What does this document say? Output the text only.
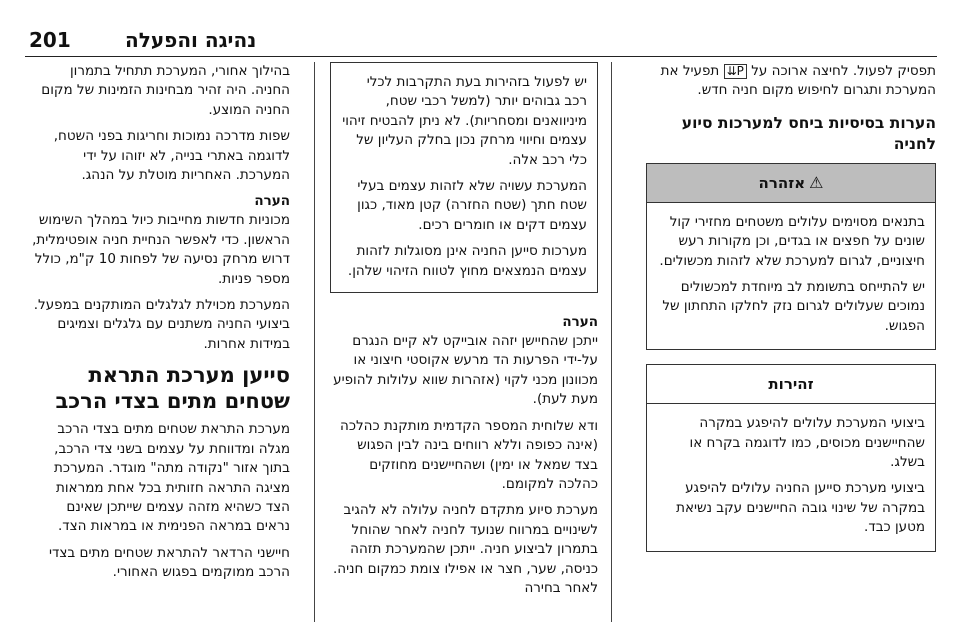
201	נהיגה והפעלה

תפסיק לפעול. לחיצה ארוכה על P⇊ תפעיל את המערכת ותגרום לחיפוש מקום חניה חדש.

הערות בסיסיות ביחס למערכות סיוע לחניה
⚠
אזהרה

בתנאים מסוימים עלולים משטחים מחזירי קול שונים על חפצים או בגדים, וכן מקורות רעש חיצוניים, לגרום למערכת שלא לזהות מכשולים.

יש להתייחס בתשומת לב מיוחדת למכשולים נמוכים שעלולים לגרום נזק לחלקו התחתון של הפגוש.

זהירות

ביצועי המערכת עלולים להיפגע במקרה שהחיישנים מכוסים, כמו לדוגמה בקרח או בשלג.

ביצועי מערכת סייען החניה עלולים להיפגע במקרה של שינוי גובה החיישנים עקב נשיאת מטען כבד.

יש לפעול בזהירות בעת התקרבות לכלי רכב גבוהים יותר (למשל רכבי שטח, מיניוואנים ומסחריות). לא ניתן להבטיח זיהוי עצמים וחיווי מרחק נכון בחלק העליון של כלי רכב אלה.

המערכת עשויה שלא לזהות עצמים בעלי שטח חתך (שטח החזרה) קטן מאוד, כגון עצמים דקים או חומרים רכים.

מערכות סייען החניה אינן מסוגלות לזהות עצמים הנמצאים מחוץ לטווח הזיהוי שלהן.

הערה

ייתכן שהחיישן יזהה אובייקט לא קיים הנגרם על-ידי הפרעות הד מרעש אקוסטי חיצוני או מכוונון מכני לקוי (אזהרות שווא עלולות להופיע מעת לעת).

ודא שלוחית המספר הקדמית מותקנת כהלכה (אינה כפופה וללא רווחים בינה לבין הפגוש בצד שמאל או ימין) ושהחיישנים מחוזקים כהלכה למקומם.

מערכת סיוע מתקדם לחניה עלולה לא להגיב לשינויים במרווח שנועד לחניה לאחר שהוחל בתמרון לביצוע חניה. ייתכן שהמערכת תזהה כניסה, שער, חצר או אפילו צומת כמקום חניה. לאחר בחירה

בהילוך אחורי, המערכת תתחיל בתמרון החניה. היה זהיר מבחינות הזמינות של מקום החניה המוצע.

שפות מדרכה נמוכות וחריגות בפני השטח, לדוגמה באתרי בנייה, לא יזוהו על ידי המערכת. האחריות מוטלת על הנהג.

הערה

מכוניות חדשות מחייבות כיול במהלך השימוש הראשון. כדי לאפשר הנחיית חניה אופטימלית, דרוש מרחק נסיעה של לפחות 10 ק"מ, כולל מספר פניות.

המערכת מכוילת לגלגלים המותקנים במפעל. ביצועי החניה משתנים עם גלגלים וצמיגים במידות אחרות.

סייען מערכת התראת שטחים מתים בצדי הרכב

מערכת התראת שטחים מתים בצדי הרכב מגלה ומדווחת על עצמים בשני צדי הרכב, בתוך אזור "נקודה מתה" מוגדר. המערכת מציגה התראה חזותית בכל אחת ממראות הצד כשהיא מזהה עצמים שייתכן שאינם נראים במראה הפנימית או במראות הצד.

חיישני הרדאר להתראת שטחים מתים בצדי הרכב ממוקמים בפגוש האחורי.
